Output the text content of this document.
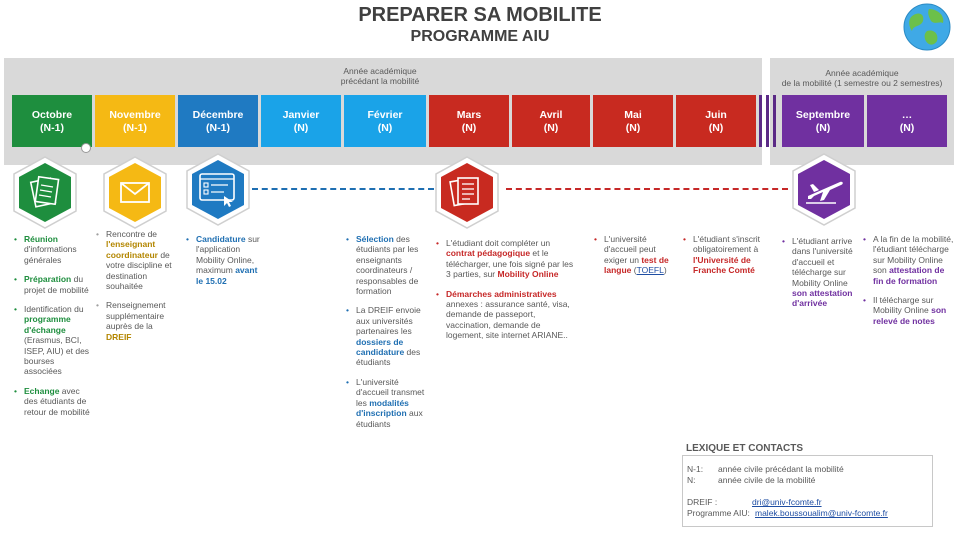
PREPARER SA MOBILITE
PROGRAMME AIU
Année académique
précédant la mobilité
Année académique
de la mobilité (1 semestre ou 2 semestres)
Octobre
(N-1)
Novembre
(N-1)
Décembre
(N-1)
Janvier
(N)
Février
(N)
Mars
(N)
Avril
(N)
Mai
(N)
Juin
(N)
Septembre
(N)
…
(N)
• Réunion d'informations générales
• Préparation du projet de mobilité
• Identification du programme d'échange (Erasmus, BCI, ISEP, AIU) et des bourses associées
• Echange avec des étudiants de retour de mobilité
• Rencontre de l'enseignant coordinateur de votre discipline et destination souhaitée
• Renseignement supplémentaire auprès de la DREIF
• Candidature sur l'application Mobility Online, maximum avant le 15.02
• Sélection des étudiants par les enseignants coordinateurs / responsables de formation
• La DREIF envoie aux universités partenaires les dossiers de candidature des étudiants
• L'université d'accueil transmet les modalités d'inscription aux étudiants
• L'étudiant doit compléter un contrat pédagogique et le télécharger, une fois signé par les 3 parties, sur Mobility Online
• Démarches administratives annexes : assurance santé, visa, demande de passeport, vaccination, demande de logement, site internet ARIANE..
• L'université d'accueil peut exiger un test de langue (TOEFL)
• L'étudiant s'inscrit obligatoirement à l'Université de Franche Comté
• L'étudiant arrive dans l'université d'accueil et télécharge sur Mobility Online son attestation d'arrivée
• A la fin de la mobilité, l'étudiant télécharge sur Mobility Online son attestation de fin de formation
• Il télécharge sur Mobility Online son relevé de notes
LEXIQUE ET CONTACTS
N-1: année civile précédant la mobilité
N:	année civile de la mobilité
DREIF :	dri@univ-fcomte.fr
Programme AIU: malek.boussoualim@univ-fcomte.fr
